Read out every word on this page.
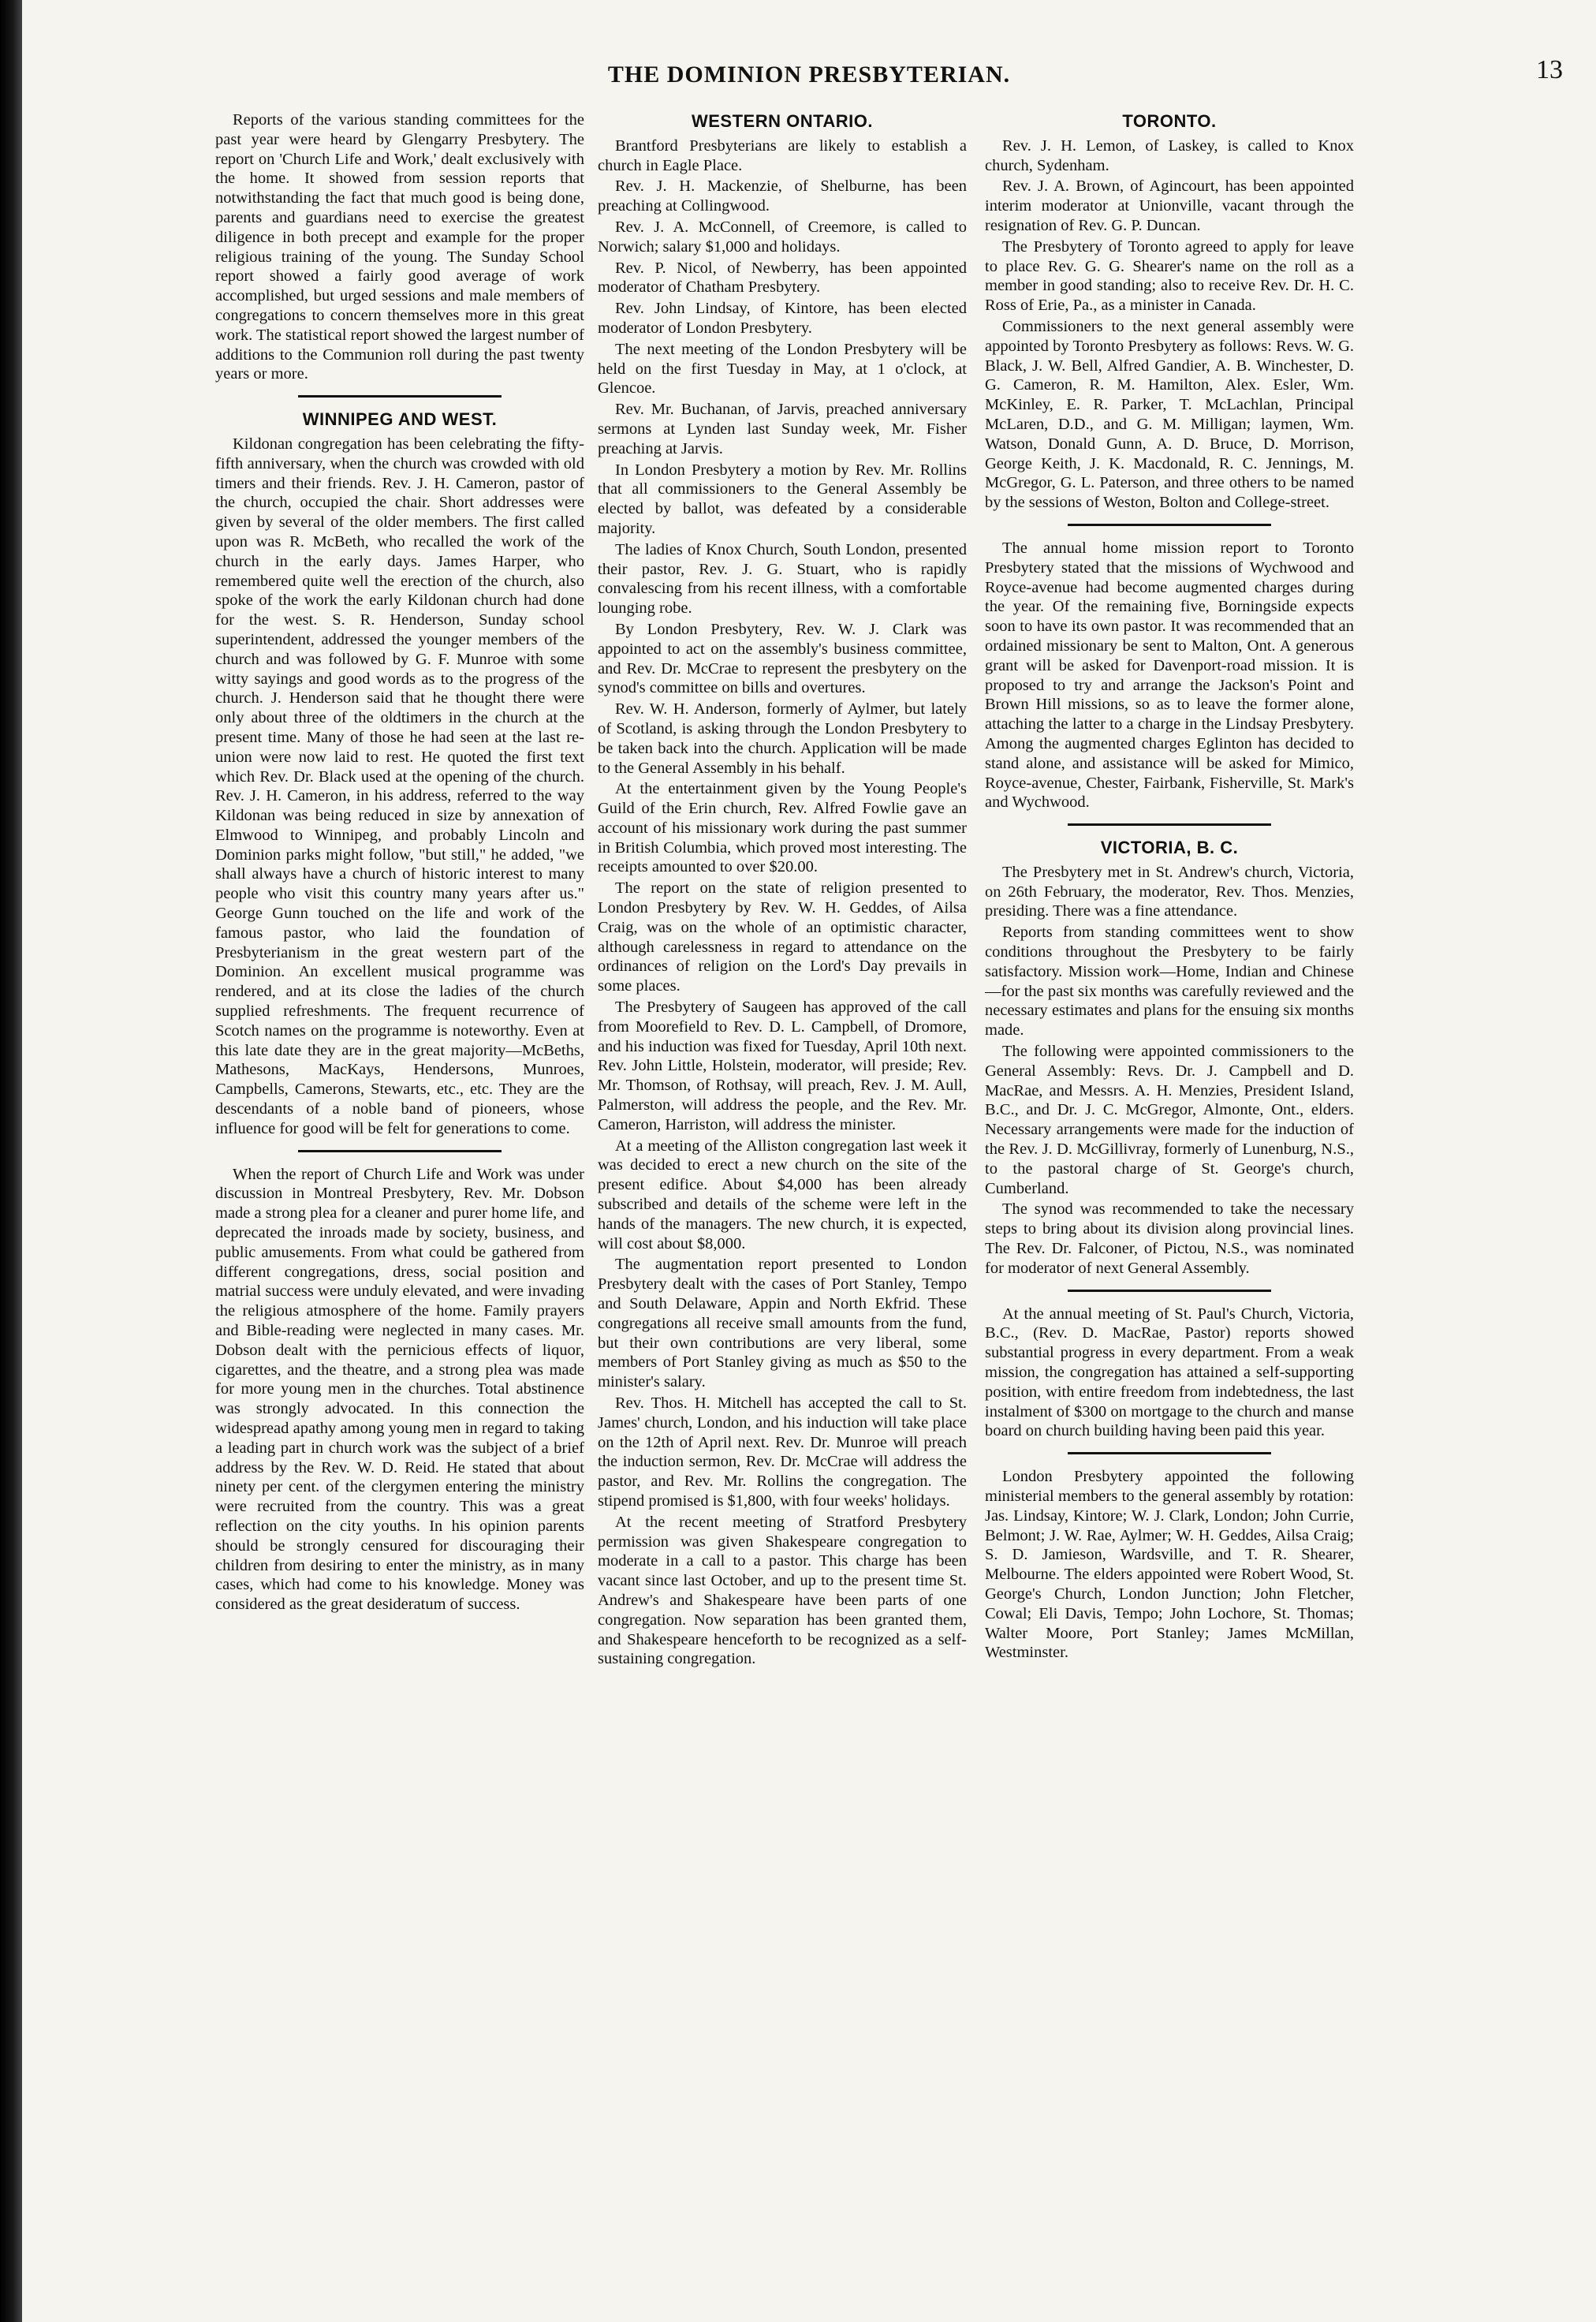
THE DOMINION PRESBYTERIAN.	13

Reports of the various standing committees for the past year were heard by Glengarry Presbytery. The report on 'Church Life and Work,' dealt exclusively with the home. It showed from session reports that notwithstanding the fact that much good is being done, parents and guardians need to exercise the greatest diligence in both precept and example for the proper religious training of the young. The Sunday School report showed a fairly good average of work accomplished, but urged sessions and male members of congregations to concern themselves more in this great work. The statistical report showed the largest number of additions to the Communion roll during the past twenty years or more.

WINNIPEG AND WEST.

Kildonan congregation has been celebrating the fifty-fifth anniversary, when the church was crowded with old timers and their friends. Rev. J. H. Cameron, pastor of the church, occupied the chair. Short addresses were given by several of the older members. The first called upon was R. McBeth, who recalled the work of the church in the early days. James Harper, who remembered quite well the erection of the church, also spoke of the work the early Kildonan church had done for the west. S. R. Henderson, Sunday school superintendent, addressed the younger members of the church and was followed by G. F. Munroe with some witty sayings and good words as to the progress of the church. J. Henderson said that he thought there were only about three of the oldtimers in the church at the present time. Many of those he had seen at the last re-union were now laid to rest. He quoted the first text which Rev. Dr. Black used at the opening of the church. Rev. J. H. Cameron, in his address, referred to the way Kildonan was being reduced in size by annexation of Elmwood to Winnipeg, and probably Lincoln and Dominion parks might follow, "but still," he added, "we shall always have a church of historic interest to many people who visit this country many years after us." George Gunn touched on the life and work of the famous pastor, who laid the foundation of Presbyterianism in the great western part of the Dominion. An excellent musical programme was rendered, and at its close the ladies of the church supplied refreshments. The frequent recurrence of Scotch names on the programme is noteworthy. Even at this late date they are in the great majority—McBeths, Mathesons, MacKays, Hendersons, Munroes, Campbells, Camerons, Stewarts, etc., etc. They are the descendants of a noble band of pioneers, whose influence for good will be felt for generations to come.

When the report of Church Life and Work was under discussion in Montreal Presbytery, Rev. Mr. Dobson made a strong plea for a cleaner and purer home life, and deprecated the inroads made by society, business, and public amusements. From what could be gathered from different congregations, dress, social position and matrial success were unduly elevated, and were invading the religious atmosphere of the home. Family prayers and Bible-reading were neglected in many cases. Mr. Dobson dealt with the pernicious effects of liquor, cigarettes, and the theatre, and a strong plea was made for more young men in the churches. Total abstinence was strongly advocated. In this connection the widespread apathy among young men in regard to taking a leading part in church work was the subject of a brief address by the Rev. W. D. Reid. He stated that about ninety per cent. of the clergymen entering the ministry were recruited from the country. This was a great reflection on the city youths. In his opinion parents should be strongly censured for discouraging their children from desiring to enter the ministry, as in many cases, which had come to his knowledge. Money was considered as the great desideratum of success.

WESTERN ONTARIO.

Brantford Presbyterians are likely to establish a church in Eagle Place.

Rev. J. H. Mackenzie, of Shelburne, has been preaching at Collingwood.

Rev. J. A. McConnell, of Creemore, is called to Norwich; salary $1,000 and holidays.

Rev. P. Nicol, of Newberry, has been appointed moderator of Chatham Presbytery.

Rev. John Lindsay, of Kintore, has been elected moderator of London Presbytery.

The next meeting of the London Presbytery will be held on the first Tuesday in May, at 1 o'clock, at Glencoe.

Rev. Mr. Buchanan, of Jarvis, preached anniversary sermons at Lynden last Sunday week, Mr. Fisher preaching at Jarvis.

In London Presbytery a motion by Rev. Mr. Rollins that all commissioners to the General Assembly be elected by ballot, was defeated by a considerable majority.

The ladies of Knox Church, South London, presented their pastor, Rev. J. G. Stuart, who is rapidly convalescing from his recent illness, with a comfortable lounging robe.

By London Presbytery, Rev. W. J. Clark was appointed to act on the assembly's business committee, and Rev. Dr. McCrae to represent the presbytery on the synod's committee on bills and overtures.

Rev. W. H. Anderson, formerly of Aylmer, but lately of Scotland, is asking through the London Presbytery to be taken back into the church. Application will be made to the General Assembly in his behalf.

At the entertainment given by the Young People's Guild of the Erin church, Rev. Alfred Fowlie gave an account of his missionary work during the past summer in British Columbia, which proved most interesting. The receipts amounted to over $20.00.

The report on the state of religion presented to London Presbytery by Rev. W. H. Geddes, of Ailsa Craig, was on the whole of an optimistic character, although carelessness in regard to attendance on the ordinances of religion on the Lord's Day prevails in some places.

The Presbytery of Saugeen has approved of the call from Moorefield to Rev. D. L. Campbell, of Dromore, and his induction was fixed for Tuesday, April 10th next. Rev. John Little, Holstein, moderator, will preside; Rev. Mr. Thomson, of Rothsay, will preach, Rev. J. M. Aull, Palmerston, will address the people, and the Rev. Mr. Cameron, Harriston, will address the minister.

At a meeting of the Alliston congregation last week it was decided to erect a new church on the site of the present edifice. About $4,000 has been already subscribed and details of the scheme were left in the hands of the managers. The new church, it is expected, will cost about $8,000.

The augmentation report presented to London Presbytery dealt with the cases of Port Stanley, Tempo and South Delaware, Appin and North Ekfrid. These congregations all receive small amounts from the fund, but their own contributions are very liberal, some members of Port Stanley giving as much as $50 to the minister's salary.

Rev. Thos. H. Mitchell has accepted the call to St. James' church, London, and his induction will take place on the 12th of April next. Rev. Dr. Munroe will preach the induction sermon, Rev. Dr. McCrae will address the pastor, and Rev. Mr. Rollins the congregation. The stipend promised is $1,800, with four weeks' holidays.

At the recent meeting of Stratford Presbytery permission was given Shakespeare congregation to moderate in a call to a pastor. This charge has been vacant since last October, and up to the present time St. Andrew's and Shakespeare have been parts of one congregation. Now separation has been granted them, and Shakespeare henceforth to be recognized as a self-sustaining congregation.

TORONTO.

Rev. J. H. Lemon, of Laskey, is called to Knox church, Sydenham.

Rev. J. A. Brown, of Agincourt, has been appointed interim moderator at Unionville, vacant through the resignation of Rev. G. P. Duncan.

The Presbytery of Toronto agreed to apply for leave to place Rev. G. G. Shearer's name on the roll as a member in good standing; also to receive Rev. Dr. H. C. Ross of Erie, Pa., as a minister in Canada.

Commissioners to the next general assembly were appointed by Toronto Presbytery as follows: Revs. W. G. Black, J. W. Bell, Alfred Gandier, A. B. Winchester, D. G. Cameron, R. M. Hamilton, Alex. Esler, Wm. McKinley, E. R. Parker, T. McLachlan, Principal McLaren, D.D., and G. M. Milligan; laymen, Wm. Watson, Donald Gunn, A. D. Bruce, D. Morrison, George Keith, J. K. Macdonald, R. C. Jennings, M. McGregor, G. L. Paterson, and three others to be named by the sessions of Weston, Bolton and College-street.

The annual home mission report to Toronto Presbytery stated that the missions of Wychwood and Royce-avenue had become augmented charges during the year. Of the remaining five, Borningside expects soon to have its own pastor. It was recommended that an ordained missionary be sent to Malton, Ont. A generous grant will be asked for Davenport-road mission. It is proposed to try and arrange the Jackson's Point and Brown Hill missions, so as to leave the former alone, attaching the latter to a charge in the Lindsay Presbytery. Among the augmented charges Eglinton has decided to stand alone, and assistance will be asked for Mimico, Royce-avenue, Chester, Fairbank, Fisherville, St. Mark's and Wychwood.

VICTORIA, B. C.

The Presbytery met in St. Andrew's church, Victoria, on 26th February, the moderator, Rev. Thos. Menzies, presiding. There was a fine attendance.

Reports from standing committees went to show conditions throughout the Presbytery to be fairly satisfactory. Mission work—Home, Indian and Chinese—for the past six months was carefully reviewed and the necessary estimates and plans for the ensuing six months made.

The following were appointed commissioners to the General Assembly: Revs. Dr. J. Campbell and D. MacRae, and Messrs. A. H. Menzies, President Island, B.C., and Dr. J. C. McGregor, Almonte, Ont., elders. Necessary arrangements were made for the induction of the Rev. J. D. McGillivray, formerly of Lunenburg, N.S., to the pastoral charge of St. George's church, Cumberland.

The synod was recommended to take the necessary steps to bring about its division along provincial lines. The Rev. Dr. Falconer, of Pictou, N.S., was nominated for moderator of next General Assembly.

At the annual meeting of St. Paul's Church, Victoria, B.C., (Rev. D. MacRae, Pastor) reports showed substantial progress in every department. From a weak mission, the congregation has attained a self-supporting position, with entire freedom from indebtedness, the last instalment of $300 on mortgage to the church and manse board on church building having been paid this year.

London Presbytery appointed the following ministerial members to the general assembly by rotation: Jas. Lindsay, Kintore; W. J. Clark, London; John Currie, Belmont; J. W. Rae, Aylmer; W. H. Geddes, Ailsa Craig; S. D. Jamieson, Wardsville, and T. R. Shearer, Melbourne. The elders appointed were Robert Wood, St. George's Church, London Junction; John Fletcher, Cowal; Eli Davis, Tempo; John Lochore, St. Thomas; Walter Moore, Port Stanley; James McMillan, Westminster.
